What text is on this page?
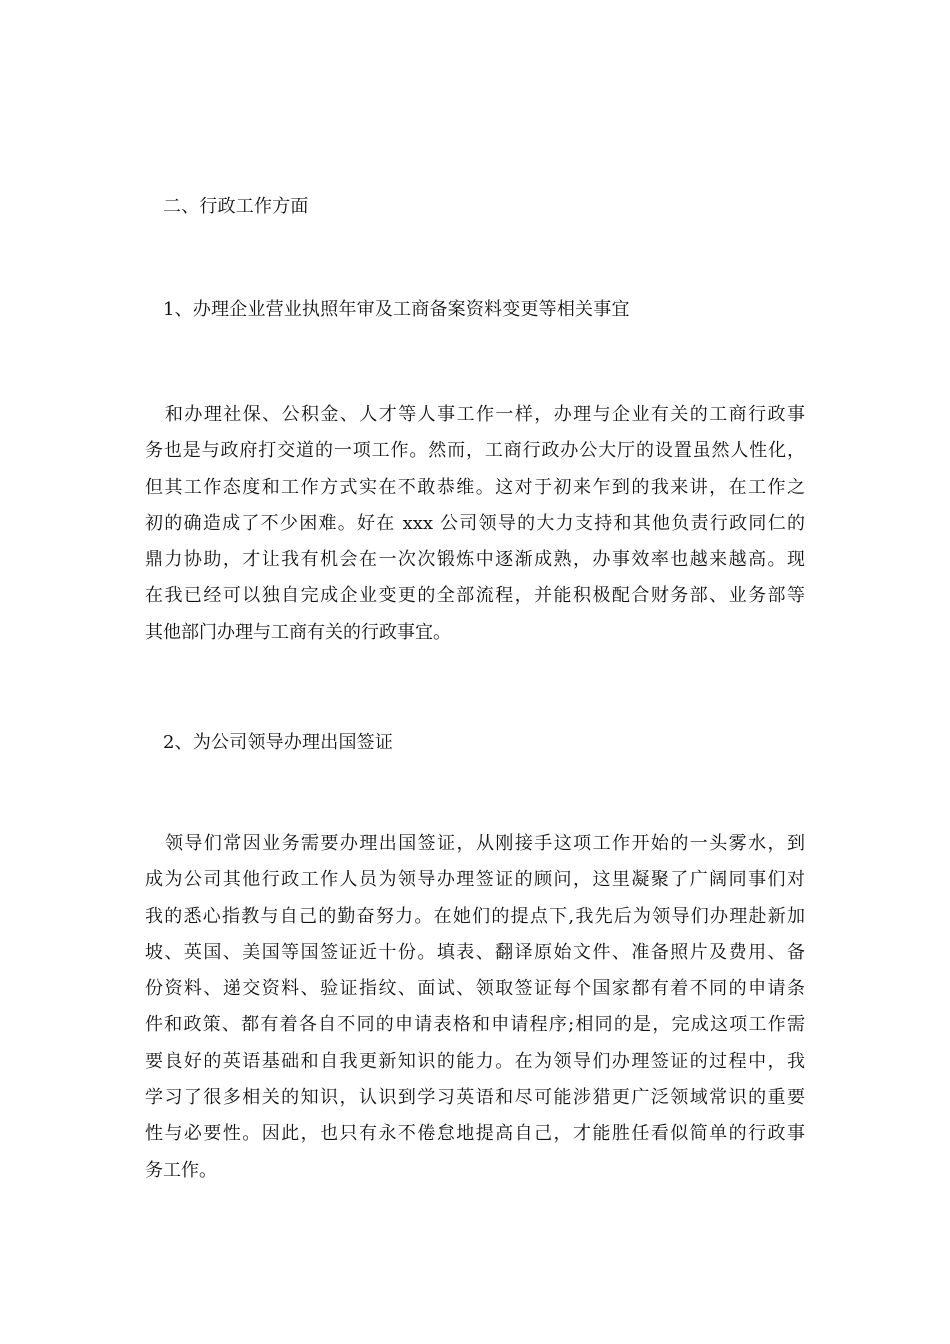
二、行政工作方面
1、办理企业营业执照年审及工商备案资料变更等相关事宜
和办理社保、公积金、人才等人事工作一样，办理与企业有关的工商行政事
务也是与政府打交道的一项工作。然而，工商行政办公大厅的设置虽然人性化，
但其工作态度和工作方式实在不敢恭维。这对于初来乍到的我来讲，在工作之
初的确造成了不少困难。好在 xxx 公司领导的大力支持和其他负责行政同仁的
鼎力协助，才让我有机会在一次次锻炼中逐渐成熟，办事效率也越来越高。现
在我已经可以独自完成企业变更的全部流程，并能积极配合财务部、业务部等
其他部门办理与工商有关的行政事宜。
2、为公司领导办理出国签证
领导们常因业务需要办理出国签证，从刚接手这项工作开始的一头雾水，到
成为公司其他行政工作人员为领导办理签证的顾问，这里凝聚了广阔同事们对
我的悉心指教与自己的勤奋努力。在她们的提点下,我先后为领导们办理赴新加
坡、英国、美国等国签证近十份。填表、翻译原始文件、准备照片及费用、备
份资料、递交资料、验证指纹、面试、领取签证每个国家都有着不同的申请条
件和政策、都有着各自不同的申请表格和申请程序;相同的是，完成这项工作需
要良好的英语基础和自我更新知识的能力。在为领导们办理签证的过程中，我
学习了很多相关的知识，认识到学习英语和尽可能涉猎更广泛领域常识的重要
性与必要性。因此，也只有永不倦怠地提高自己，才能胜任看似简单的行政事
务工作。
